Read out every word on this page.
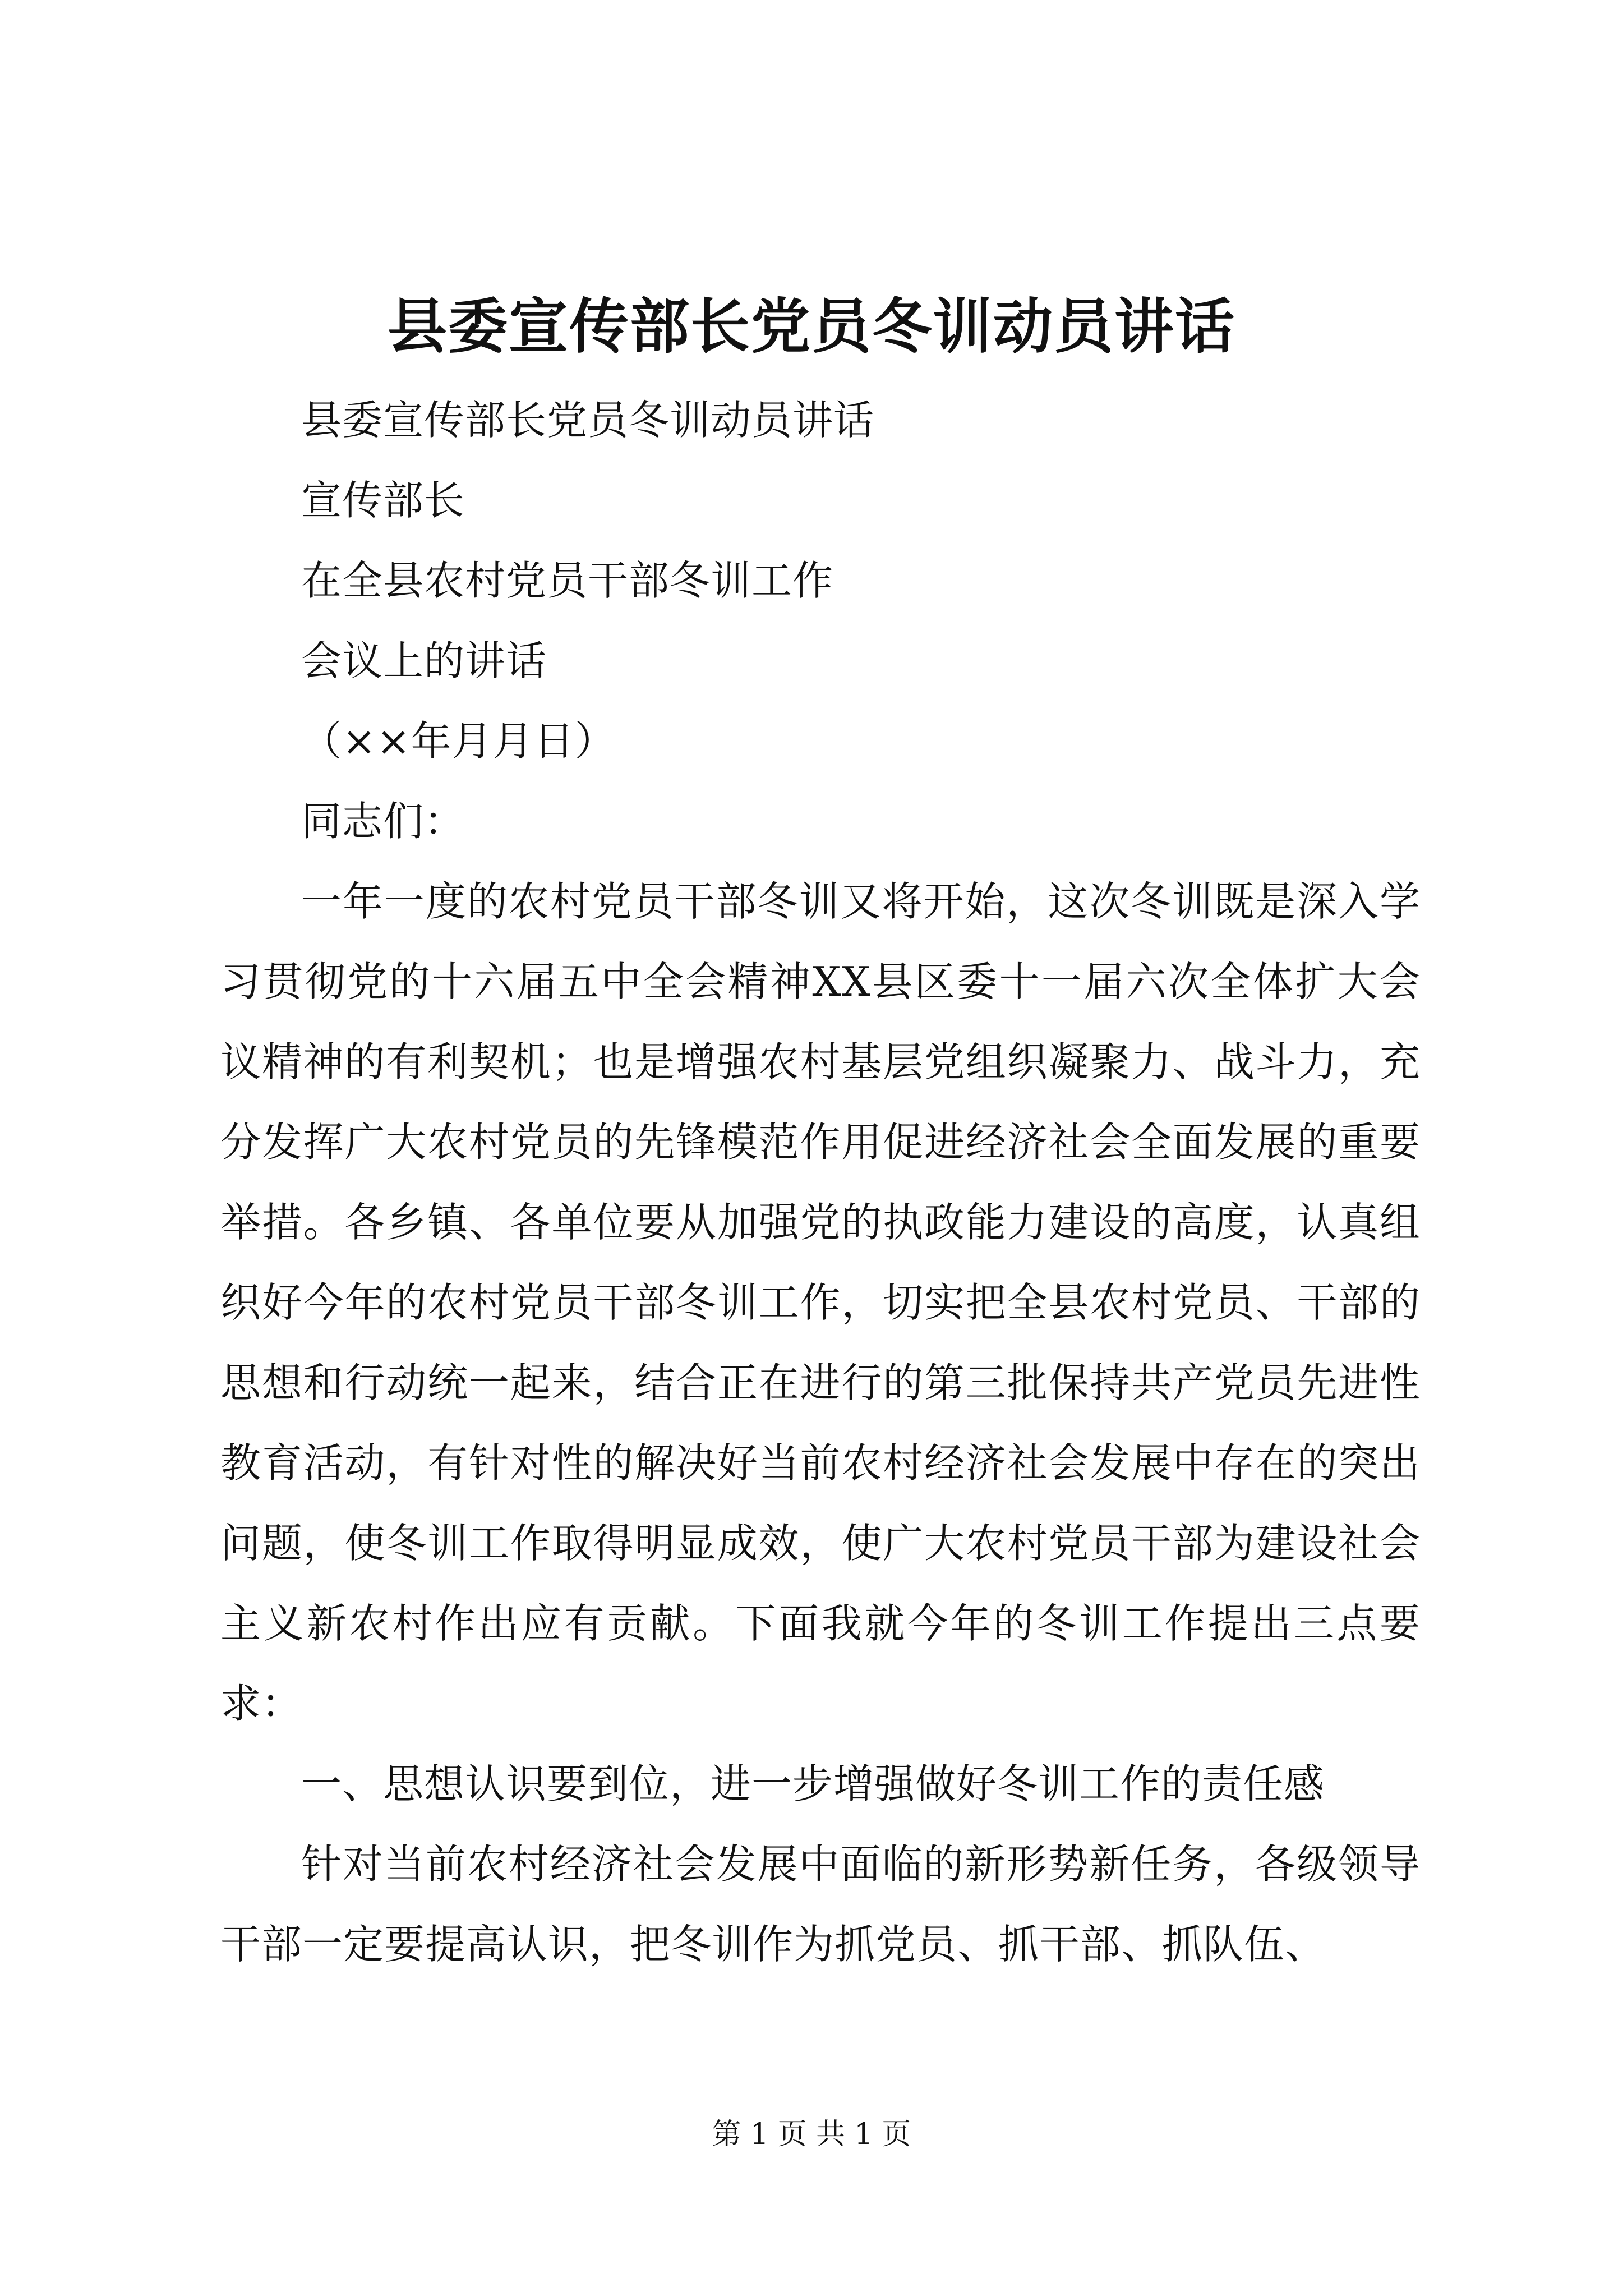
县委宣传部长党员冬训动员讲话

县委宣传部长党员冬训动员讲话

宣传部长

在全县农村党员干部冬训工作

会议上的讲话

（××年月月日）

同志们：

一年一度的农村党员干部冬训又将开始，这次冬训既是深入学习贯彻党的十六届五中全会精神XX县区委十一届六次全体扩大会议精神的有利契机；也是增强农村基层党组织凝聚力、战斗力，充分发挥广大农村党员的先锋模范作用促进经济社会全面发展的重要举措。各乡镇、各单位要从加强党的执政能力建设的高度，认真组织好今年的农村党员干部冬训工作，切实把全县农村党员、干部的思想和行动统一起来，结合正在进行的第三批保持共产党员先进性教育活动，有针对性的解决好当前农村经济社会发展中存在的突出问题，使冬训工作取得明显成效，使广大农村党员干部为建设社会主义新农村作出应有贡献。下面我就今年的冬训工作提出三点要求：

一、思想认识要到位，进一步增强做好冬训工作的责任感

针对当前农村经济社会发展中面临的新形势新任务，各级领导干部一定要提高认识，把冬训作为抓党员、抓干部、抓队伍、

第 1 页 共 1 页
